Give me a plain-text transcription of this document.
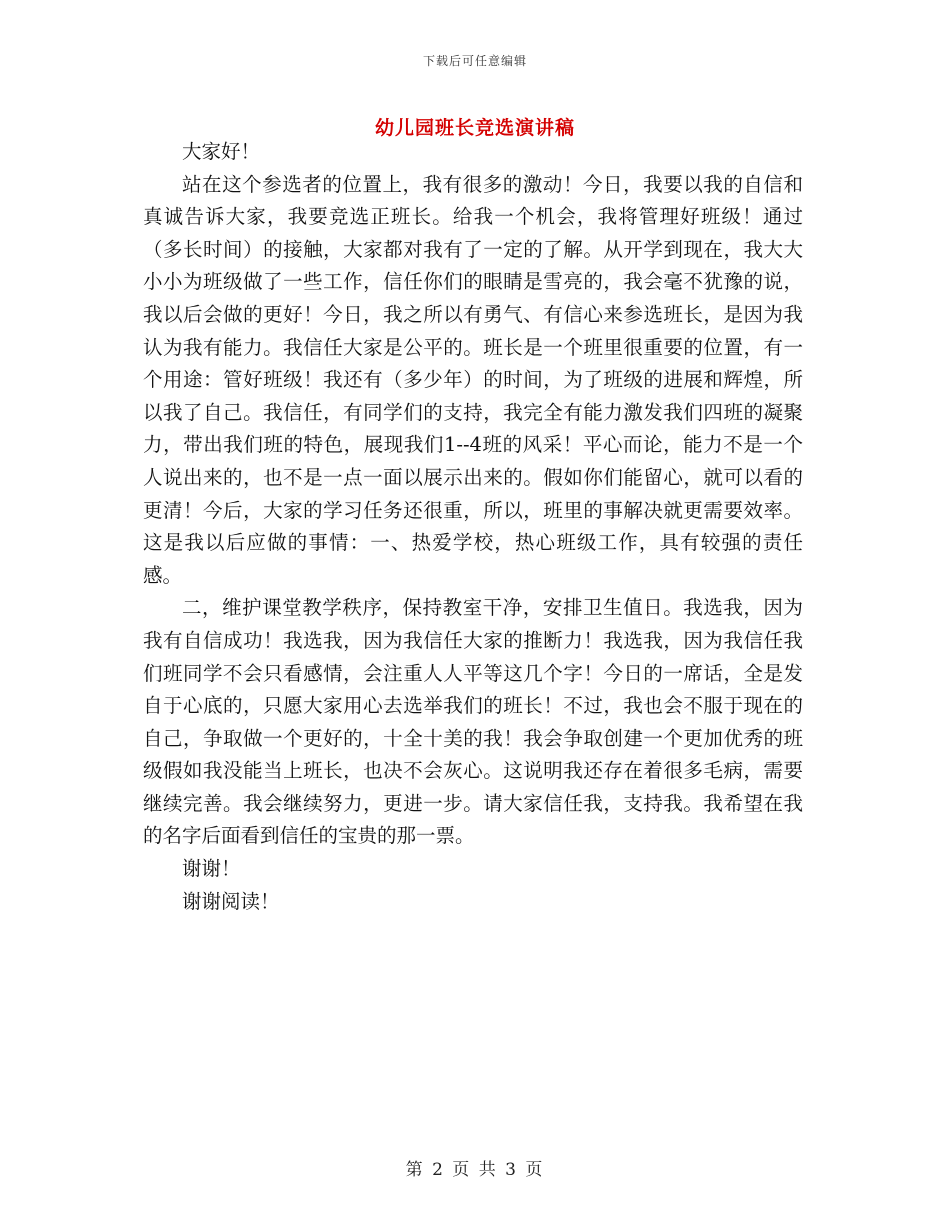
下载后可任意编辑
幼儿园班长竞选演讲稿

大家好！

站在这个参选者的位置上，我有很多的激动！今日，我要以我的自信和真诚告诉大家，我要竞选正班长。给我一个机会，我将管理好班级！通过（多长时间）的接触，大家都对我有了一定的了解。从开学到现在，我大大小小为班级做了一些工作，信任你们的眼睛是雪亮的，我会毫不犹豫的说，我以后会做的更好！今日，我之所以有勇气、有信心来参选班长，是因为我认为我有能力。我信任大家是公平的。班长是一个班里很重要的位置，有一个用途：管好班级！我还有（多少年）的时间，为了班级的进展和辉煌，所以我了自己。我信任，有同学们的支持，我完全有能力激发我们四班的凝聚力，带出我们班的特色，展现我们1--4班的风采！平心而论，能力不是一个人说出来的，也不是一点一面以展示出来的。假如你们能留心，就可以看的更清！今后，大家的学习任务还很重，所以，班里的事解决就更需要效率。这是我以后应做的事情：一、热爱学校，热心班级工作，具有较强的责任感。

二，维护课堂教学秩序，保持教室干净，安排卫生值日。我选我，因为我有自信成功！我选我，因为我信任大家的推断力！我选我，因为我信任我们班同学不会只看感情，会注重人人平等这几个字！今日的一席话，全是发自于心底的，只愿大家用心去选举我们的班长！不过，我也会不服于现在的自己，争取做一个更好的，十全十美的我！我会争取创建一个更加优秀的班级假如我没能当上班长，也决不会灰心。这说明我还存在着很多毛病，需要继续完善。我会继续努力，更进一步。请大家信任我，支持我。我希望在我的名字后面看到信任的宝贵的那一票。

谢谢！

谢谢阅读！

第 2 页 共 3 页
